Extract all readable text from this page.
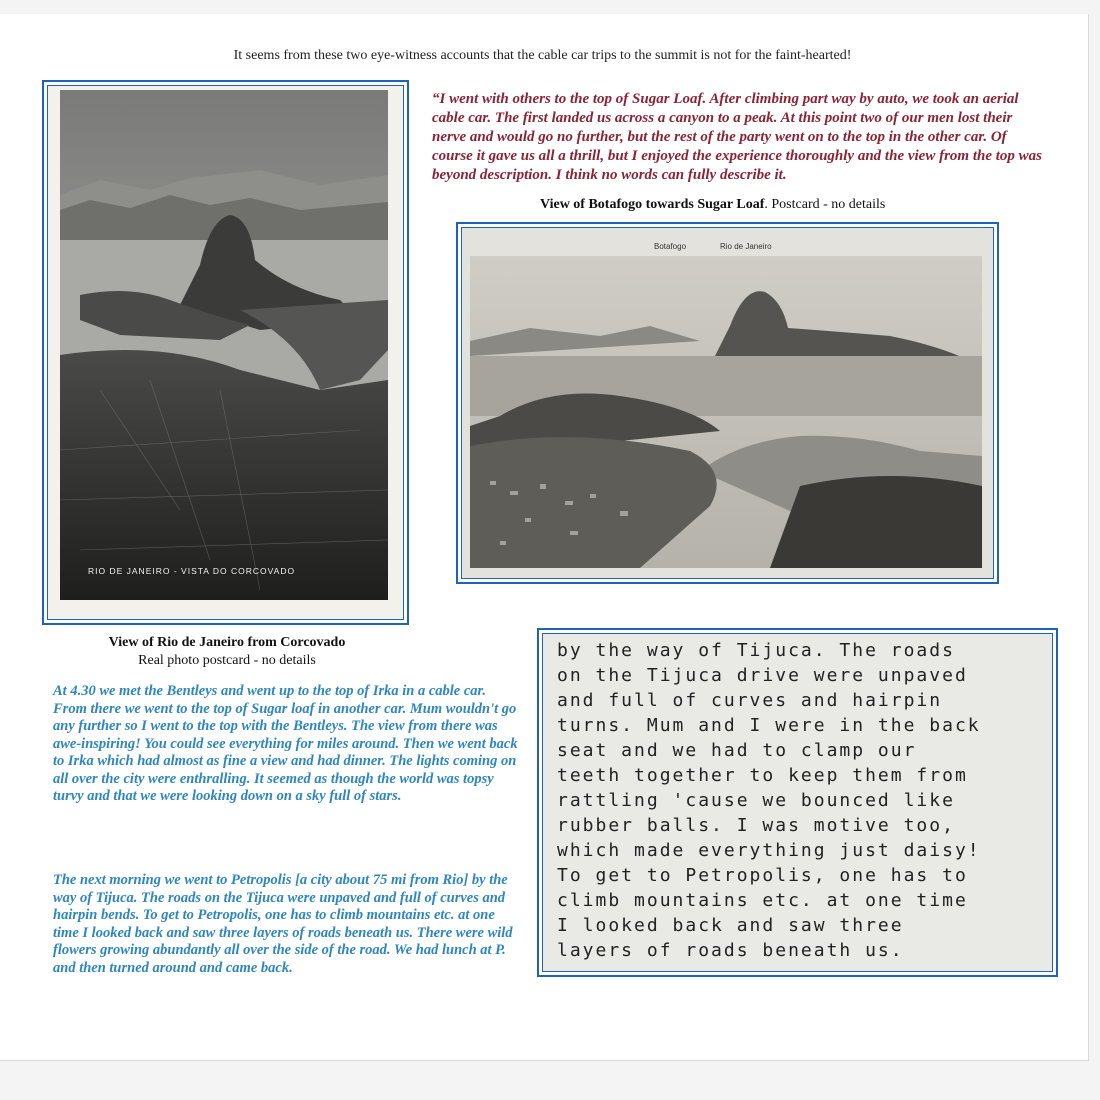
It seems from these two eye-witness accounts that the cable car trips to the summit is not for the faint-hearted!
RIO DE JANEIRO - VISTA DO CORCOVADO
“I went with others to the top of Sugar Loaf. After climbing part way by auto, we took an aerial cable car. The first landed us across a canyon to a peak. At this point two of our men lost their nerve and would go no further, but the rest of the party went on to the top in the other car. Of course it gave us all a thrill, but I enjoyed the experience thoroughly and the view from the top was beyond description. I think no words can fully describe it.
View of Botafogo towards Sugar Loaf. Postcard - no details
Botafogo	Rio de Janeiro
View of Rio de Janeiro from Corcovado
Real photo postcard - no details
At 4.30 we met the Bentleys and went up to the top of Irka in a cable car. From there we went to the top of Sugar loaf in another car. Mum wouldn't go any further so I went to the top with the Bentleys. The view from there was awe-inspiring! You could see everything for miles around. Then we went back to Irka which had almost as fine a view and had dinner. The lights coming on all over the city were enthralling. It seemed as though the world was topsy turvy and that we were looking down on a sky full of stars.
The next morning we went to Petropolis [a city about 75 mi from Rio] by the way of Tijuca. The roads on the Tijuca were unpaved and full of curves and hairpin bends. To get to Petropolis, one has to climb mountains etc. at one time I looked back and saw three layers of roads beneath us. There were wild flowers growing abundantly all over the side of the road. We had lunch at P. and then turned around and came back.
by the way of Tijuca. The roads
on the Tijuca drive were unpaved
and full of curves and hairpin
turns. Mum and I were in the back
seat and we had to clamp our
teeth together to keep them from
rattling 'cause we bounced like
rubber balls. I was motive too,
which made everything just daisy!
To get to Petropolis, one has to
climb mountains etc. at one time
I looked back and saw three
layers of roads beneath us.
